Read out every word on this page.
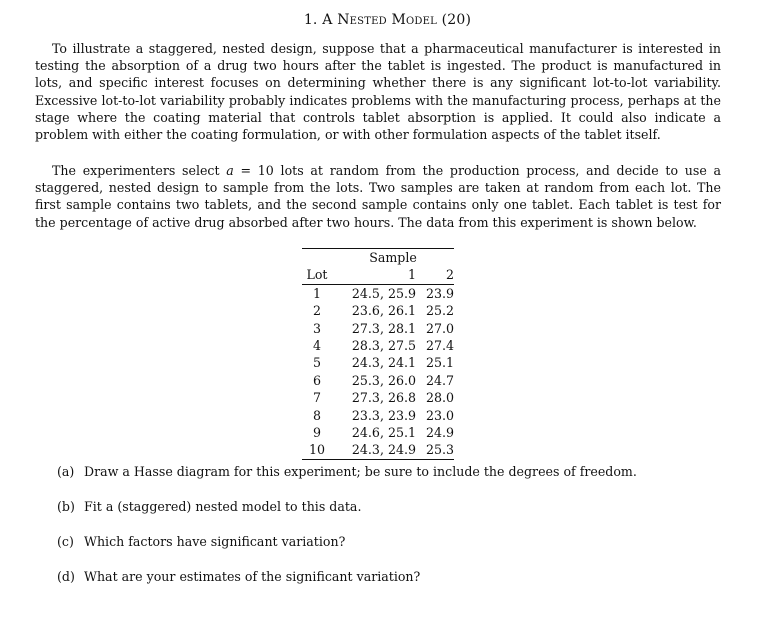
1. A Nested Model (20)

To illustrate a staggered, nested design, suppose that a pharmaceutical manufacturer is interested in testing the absorption of a drug two hours after the tablet is ingested. The product is manufactured in lots, and specific interest focuses on determining whether there is any significant lot-to-lot variability. Excessive lot-to-lot variability probably indicates problems with the manufacturing process, perhaps at the stage where the coating material that controls tablet absorption is applied. It could also indicate a problem with either the coating formulation, or with other formulation aspects of the tablet itself.

The experimenters select a = 10 lots at random from the production process, and decide to use a staggered, nested design to sample from the lots. Two samples are taken at random from each lot. The first sample contains two tablets, and the second sample contains only one tablet. Each tablet is test for the percentage of active drug absorbed after two hours. The data from this experiment is shown below.

	Sample	
Lot	1	2
1	24.5, 25.9	23.9
2	23.6, 26.1	25.2
3	27.3, 28.1	27.0
4	28.3, 27.5	27.4
5	24.3, 24.1	25.1
6	25.3, 26.0	24.7
7	27.3, 26.8	28.0
8	23.3, 23.9	23.0
9	24.6, 25.1	24.9
10	24.3, 24.9	25.3
(a) Draw a Hasse diagram for this experiment; be sure to include the degrees of freedom.
(b) Fit a (staggered) nested model to this data.
(c) Which factors have significant variation?
(d) What are your estimates of the significant variation?
